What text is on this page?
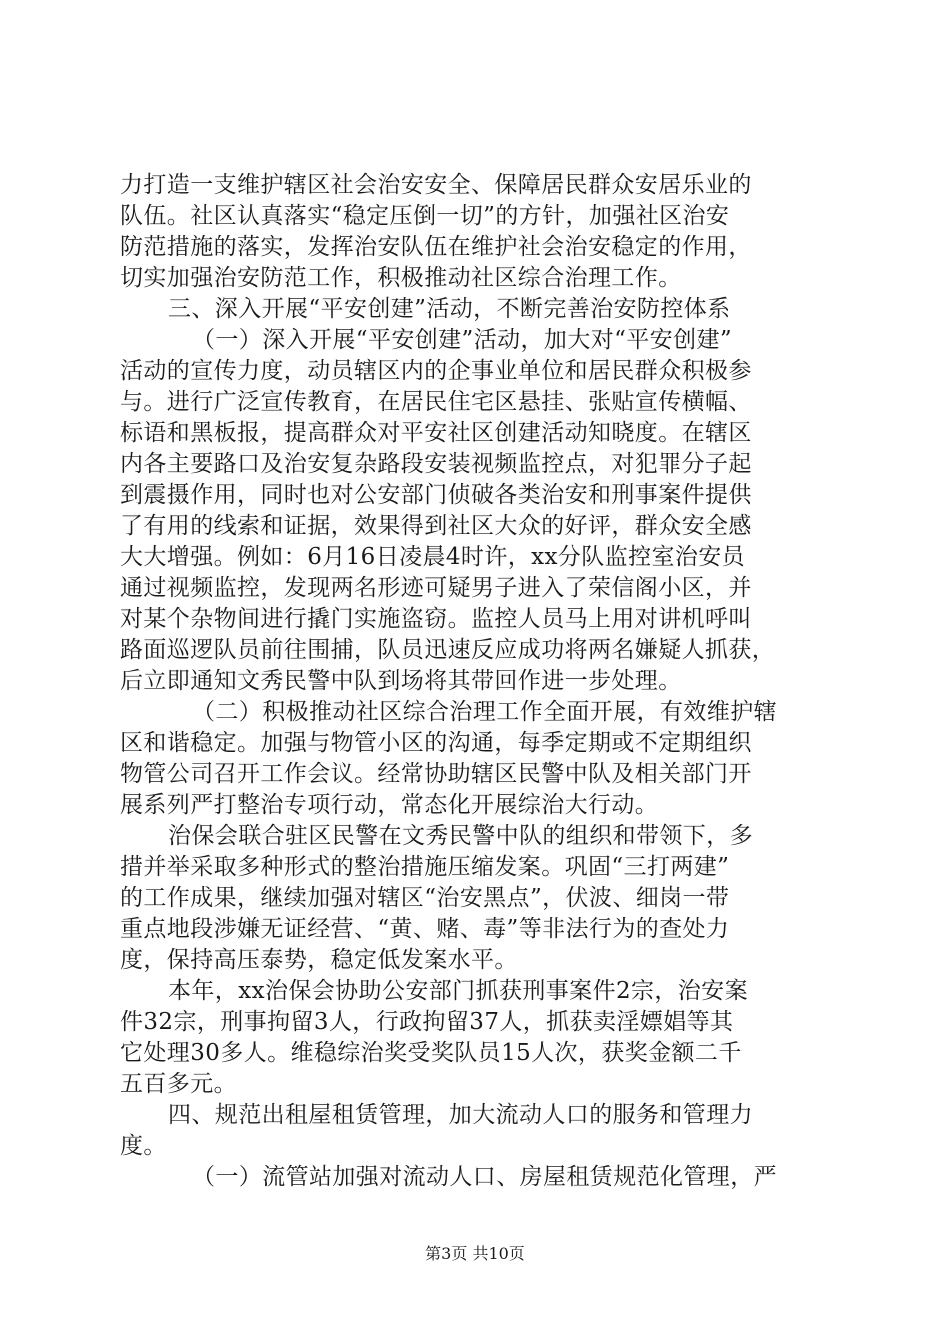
力打造一支维护辖区社会治安安全、保障居民群众安居乐业的
队伍。社区认真落实“稳定压倒一切”的方针，加强社区治安
防范措施的落实，发挥治安队伍在维护社会治安稳定的作用，
切实加强治安防范工作，积极推动社区综合治理工作。
三、深入开展“平安创建”活动，不断完善治安防控体系
（一）深入开展“平安创建”活动，加大对“平安创建”
活动的宣传力度，动员辖区内的企事业单位和居民群众积极参
与。进行广泛宣传教育，在居民住宅区悬挂、张贴宣传横幅、
标语和黑板报，提高群众对平安社区创建活动知晓度。在辖区
内各主要路口及治安复杂路段安装视频监控点，对犯罪分子起
到震摄作用，同时也对公安部门侦破各类治安和刑事案件提供
了有用的线索和证据，效果得到社区大众的好评，群众安全感
大大增强。例如：6月16日凌晨4时许，xx分队监控室治安员
通过视频监控，发现两名形迹可疑男子进入了荣信阁小区，并
对某个杂物间进行撬门实施盗窃。监控人员马上用对讲机呼叫
路面巡逻队员前往围捕，队员迅速反应成功将两名嫌疑人抓获，
后立即通知文秀民警中队到场将其带回作进一步处理。
（二）积极推动社区综合治理工作全面开展，有效维护辖
区和谐稳定。加强与物管小区的沟通，每季定期或不定期组织
物管公司召开工作会议。经常协助辖区民警中队及相关部门开
展系列严打整治专项行动，常态化开展综治大行动。
治保会联合驻区民警在文秀民警中队的组织和带领下，多
措并举采取多种形式的整治措施压缩发案。巩固“三打两建”
的工作成果，继续加强对辖区“治安黑点”，伏波、细岗一带
重点地段涉嫌无证经营、“黄、赌、毒”等非法行为的查处力
度，保持高压泰势，稳定低发案水平。
本年，xx治保会协助公安部门抓获刑事案件2宗，治安案
件32宗，刑事拘留3人，行政拘留37人，抓获卖淫嫖娼等其
它处理30多人。维稳综治奖受奖队员15人次，获奖金额二千
五百多元。
四、规范出租屋租赁管理，加大流动人口的服务和管理力
度。
（一）流管站加强对流动人口、房屋租赁规范化管理，严
第3页 共10页
